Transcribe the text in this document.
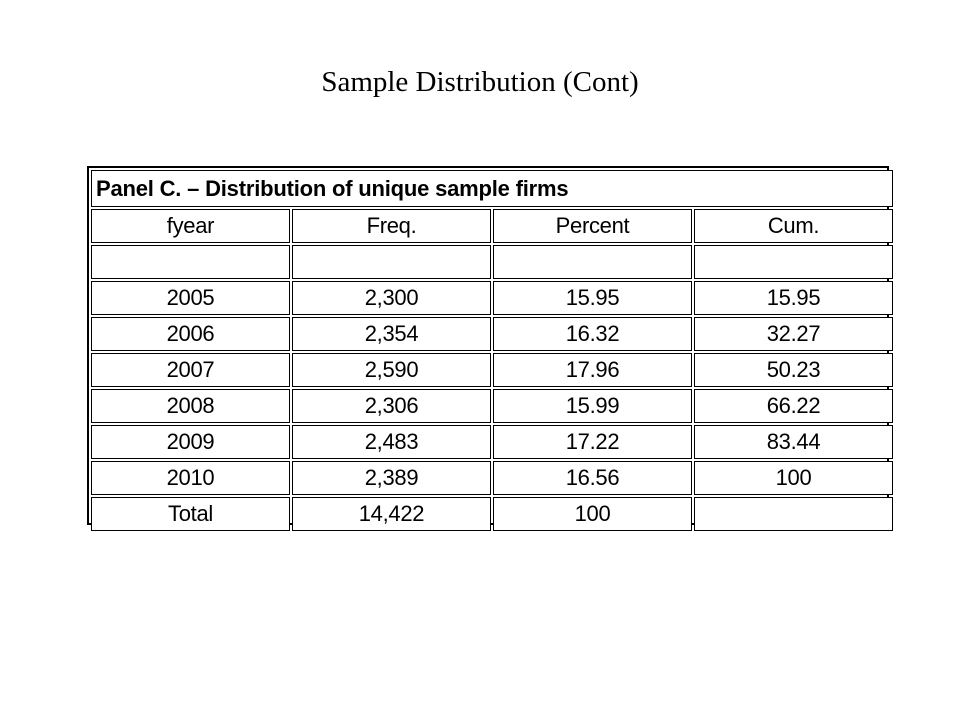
Sample Distribution (Cont)
Panel C. – Distribution of unique sample firms			
fyear	Freq.	Percent	Cum.

2005	2,300	15.95	15.95
2006	2,354	16.32	32.27
2007	2,590	17.96	50.23
2008	2,306	15.99	66.22
2009	2,483	17.22	83.44
2010	2,389	16.56	100
Total	14,422	100	
